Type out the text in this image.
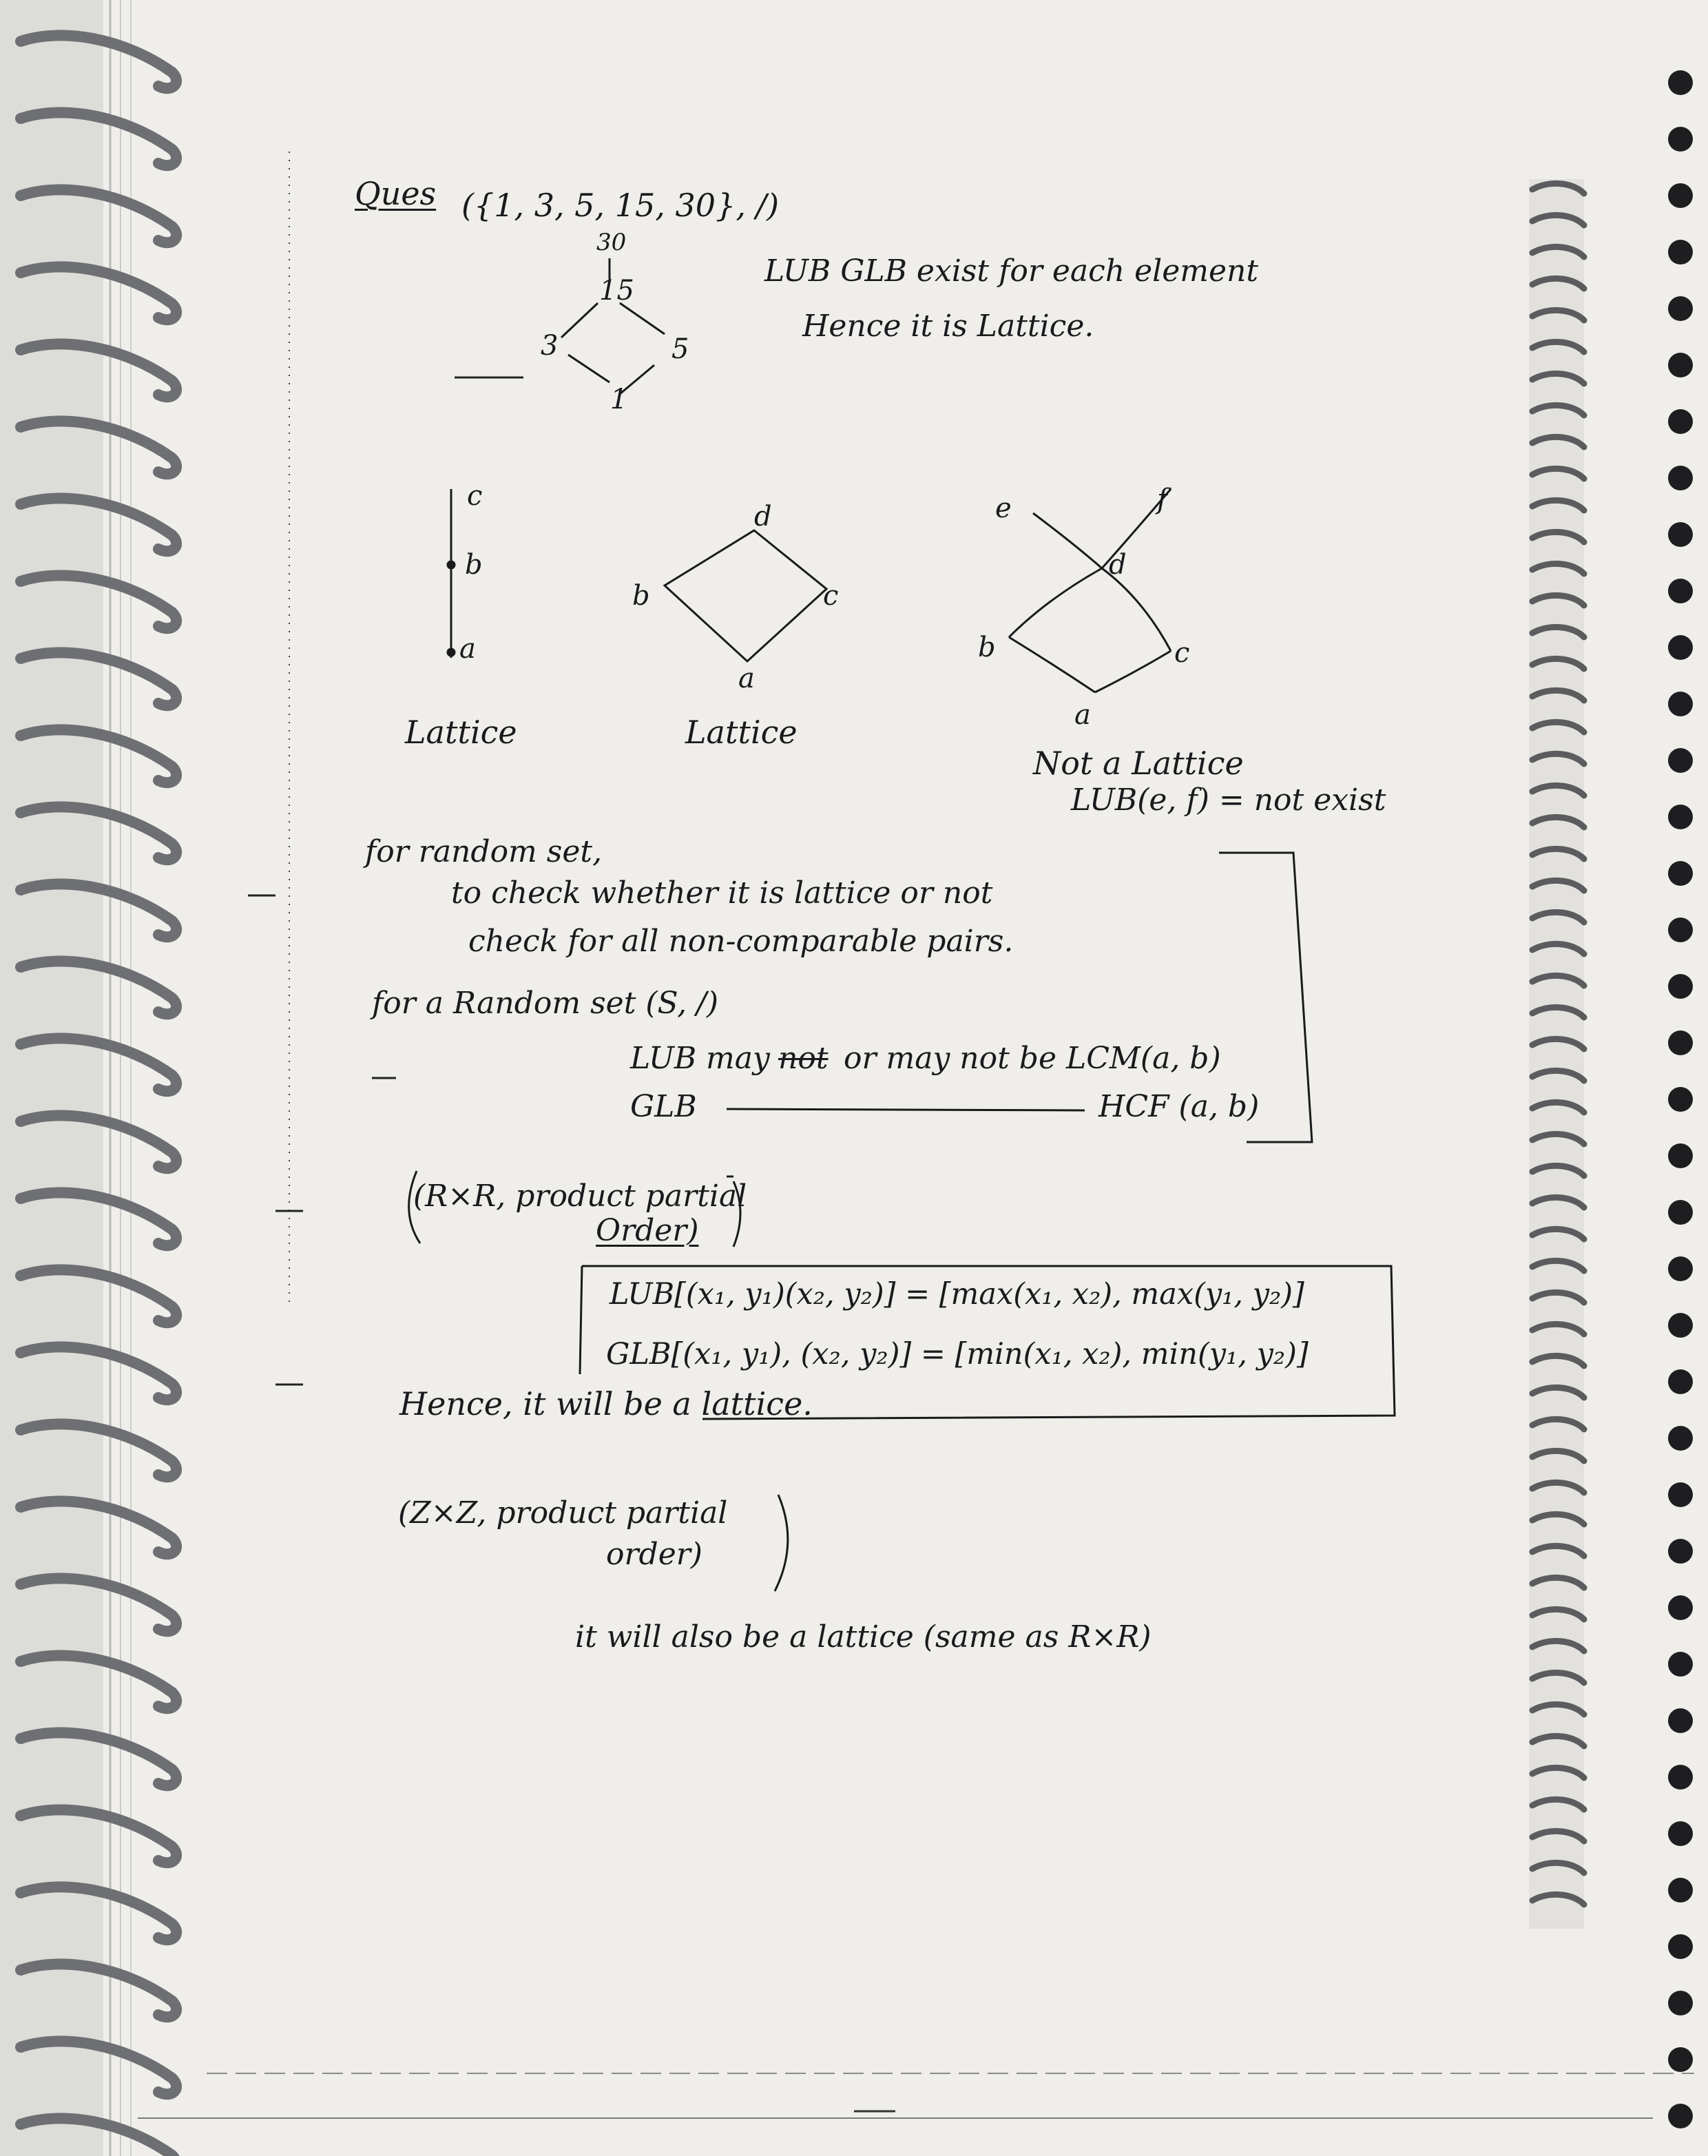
Ques ({1, 3, 5, 15, 30}, /)
30
15
3	5
1
LUB GLB exist for each element
Hence it is Lattice.
c
b
a
Lattice
d
b	c
a
Lattice
e	f
d
b	c
a
Not a Lattice
LUB(e, f) = not exist
for random set,
to check whether it is lattice or not
check for all non-comparable pairs.
for a Random set (S, /)
LUB may not or may not be LCM(a, b)
GLB	HCF (a, b)
(R×R, product partial
Order)
LUB[(x₁, y₁)(x₂, y₂)] = [max(x₁, x₂), max(y₁, y₂)]
GLB[(x₁, y₁), (x₂, y₂)] = [min(x₁, x₂), min(y₁, y₂)]
Hence, it will be a lattice.
(Z×Z, product partial
order)
it will also be a lattice (same as R×R)
